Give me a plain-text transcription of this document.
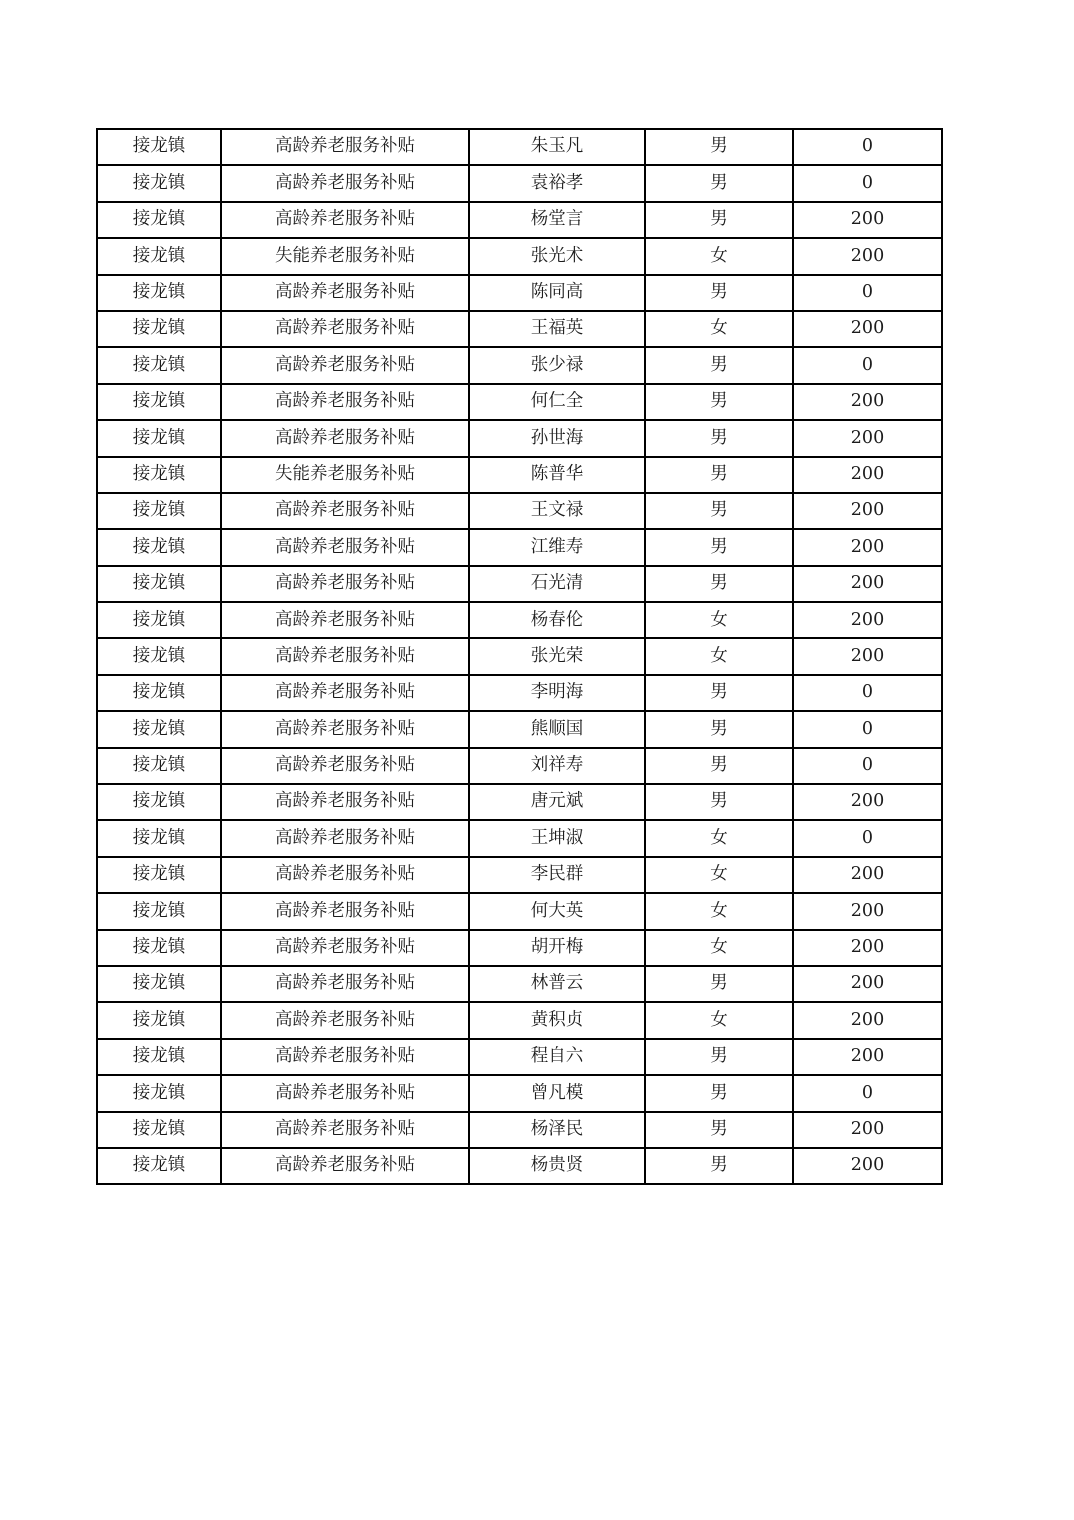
接龙镇	高龄养老服务补贴	朱玉凡	男	0
接龙镇	高龄养老服务补贴	袁裕孝	男	0
接龙镇	高龄养老服务补贴	杨堂言	男	200
接龙镇	失能养老服务补贴	张光术	女	200
接龙镇	高龄养老服务补贴	陈同高	男	0
接龙镇	高龄养老服务补贴	王福英	女	200
接龙镇	高龄养老服务补贴	张少禄	男	0
接龙镇	高龄养老服务补贴	何仁全	男	200
接龙镇	高龄养老服务补贴	孙世海	男	200
接龙镇	失能养老服务补贴	陈普华	男	200
接龙镇	高龄养老服务补贴	王文禄	男	200
接龙镇	高龄养老服务补贴	江维寿	男	200
接龙镇	高龄养老服务补贴	石光清	男	200
接龙镇	高龄养老服务补贴	杨春伦	女	200
接龙镇	高龄养老服务补贴	张光荣	女	200
接龙镇	高龄养老服务补贴	李明海	男	0
接龙镇	高龄养老服务补贴	熊顺国	男	0
接龙镇	高龄养老服务补贴	刘祥寿	男	0
接龙镇	高龄养老服务补贴	唐元斌	男	200
接龙镇	高龄养老服务补贴	王坤淑	女	0
接龙镇	高龄养老服务补贴	李民群	女	200
接龙镇	高龄养老服务补贴	何大英	女	200
接龙镇	高龄养老服务补贴	胡开梅	女	200
接龙镇	高龄养老服务补贴	林普云	男	200
接龙镇	高龄养老服务补贴	黄积贞	女	200
接龙镇	高龄养老服务补贴	程自六	男	200
接龙镇	高龄养老服务补贴	曾凡模	男	0
接龙镇	高龄养老服务补贴	杨泽民	男	200
接龙镇	高龄养老服务补贴	杨贵贤	男	200
